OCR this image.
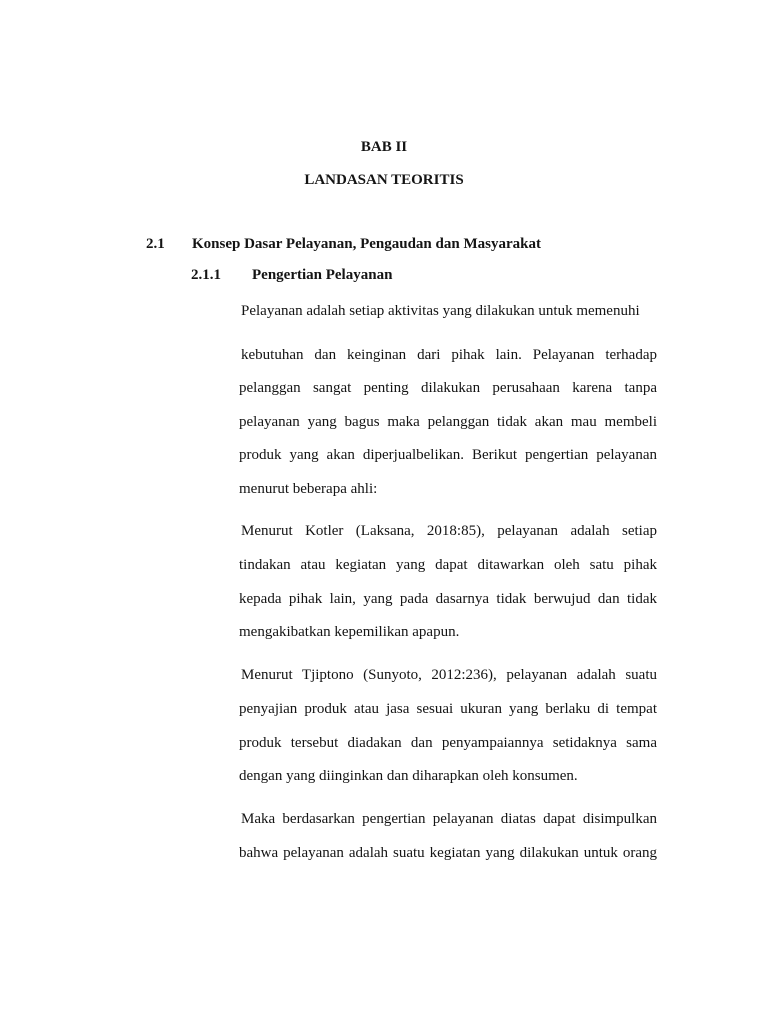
BAB II
LANDASAN TEORITIS
2.1 Konsep Dasar Pelayanan, Pengaudan dan Masyarakat
2.1.1 Pengertian Pelayanan
Pelayanan adalah setiap aktivitas yang dilakukan untuk memenuhi
kebutuhan dan keinginan dari pihak lain. Pelayanan terhadap
pelanggan sangat penting dilakukan perusahaan karena tanpa
pelayanan yang bagus maka pelanggan tidak akan mau membeli
produk yang akan diperjualbelikan. Berikut pengertian pelayanan
menurut beberapa ahli:
Menurut Kotler (Laksana, 2018:85), pelayanan adalah setiap
tindakan atau kegiatan yang dapat ditawarkan oleh satu pihak
kepada pihak lain, yang pada dasarnya tidak berwujud dan tidak
mengakibatkan kepemilikan apapun.
Menurut Tjiptono (Sunyoto, 2012:236), pelayanan adalah suatu
penyajian produk atau jasa sesuai ukuran yang berlaku di tempat
produk tersebut diadakan dan penyampaiannya setidaknya sama
dengan yang diinginkan dan diharapkan oleh konsumen.
Maka berdasarkan pengertian pelayanan diatas dapat disimpulkan
bahwa pelayanan adalah suatu kegiatan yang dilakukan untuk orang
